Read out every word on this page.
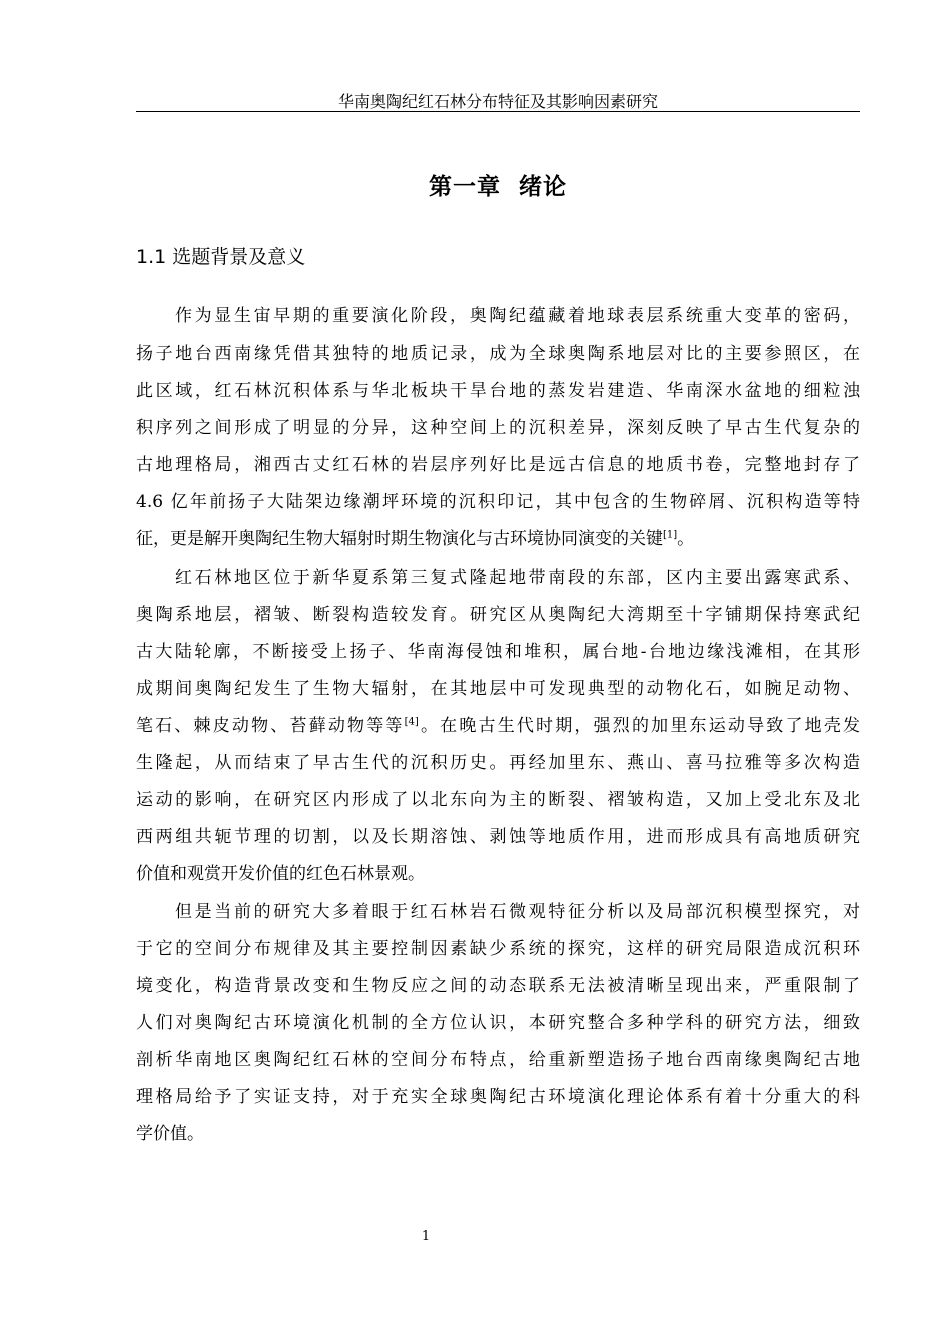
华南奥陶纪红石林分布特征及其影响因素研究
第一章  绪论
1.1 选题背景及意义
作为显生宙早期的重要演化阶段，奥陶纪蕴藏着地球表层系统重大变革的密码，
扬子地台西南缘凭借其独特的地质记录，成为全球奥陶系地层对比的主要参照区，在
此区域，红石林沉积体系与华北板块干旱台地的蒸发岩建造、华南深水盆地的细粒浊
积序列之间形成了明显的分异，这种空间上的沉积差异，深刻反映了早古生代复杂的
古地理格局，湘西古丈红石林的岩层序列好比是远古信息的地质书卷，完整地封存了
4.6 亿年前扬子大陆架边缘潮坪环境的沉积印记，其中包含的生物碎屑、沉积构造等特
征，更是解开奥陶纪生物大辐射时期生物演化与古环境协同演变的关键[1]。
红石林地区位于新华夏系第三复式隆起地带南段的东部，区内主要出露寒武系、
奥陶系地层，褶皱、断裂构造较发育。研究区从奥陶纪大湾期至十字铺期保持寒武纪
古大陆轮廓，不断接受上扬子、华南海侵蚀和堆积，属台地-台地边缘浅滩相，在其形
成期间奥陶纪发生了生物大辐射，在其地层中可发现典型的动物化石，如腕足动物、
笔石、棘皮动物、苔藓动物等等[4]。在晚古生代时期，强烈的加里东运动导致了地壳发
生隆起，从而结束了早古生代的沉积历史。再经加里东、燕山、喜马拉雅等多次构造
运动的影响，在研究区内形成了以北东向为主的断裂、褶皱构造，又加上受北东及北
西两组共轭节理的切割，以及长期溶蚀、剥蚀等地质作用，进而形成具有高地质研究
价值和观赏开发价值的红色石林景观。
但是当前的研究大多着眼于红石林岩石微观特征分析以及局部沉积模型探究，对
于它的空间分布规律及其主要控制因素缺少系统的探究，这样的研究局限造成沉积环
境变化，构造背景改变和生物反应之间的动态联系无法被清晰呈现出来，严重限制了
人们对奥陶纪古环境演化机制的全方位认识，本研究整合多种学科的研究方法，细致
剖析华南地区奥陶纪红石林的空间分布特点，给重新塑造扬子地台西南缘奥陶纪古地
理格局给予了实证支持，对于充实全球奥陶纪古环境演化理论体系有着十分重大的科
学价值。
1
